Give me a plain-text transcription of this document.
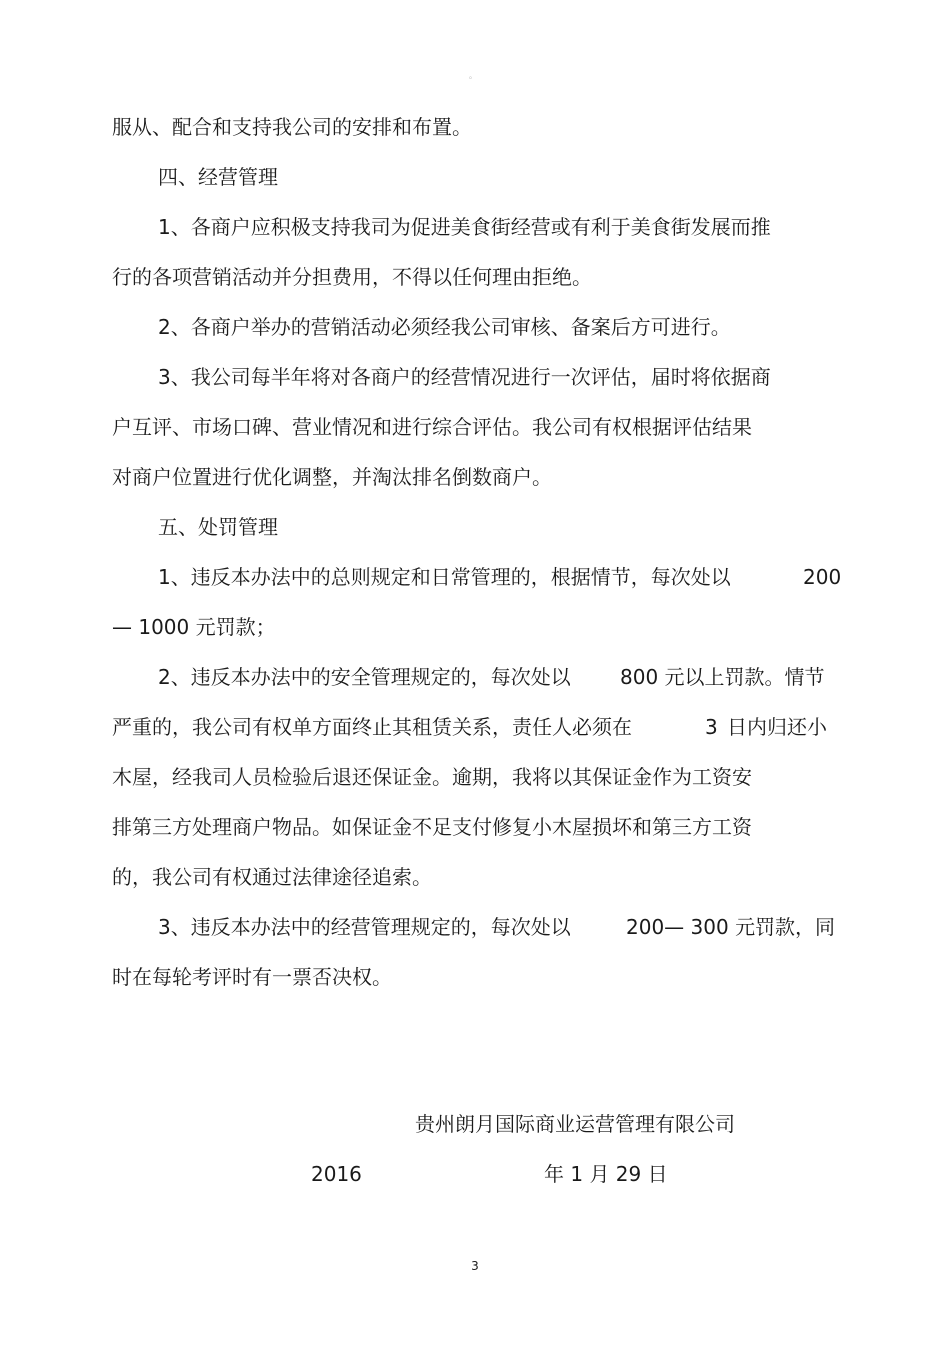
。
服从、配合和支持我公司的安排和布置。
四、经营管理
1、各商户应积极支持我司为促进美食街经营或有利于美食街发展而推
行的各项营销活动并分担费用，不得以任何理由拒绝。
2、各商户举办的营销活动必须经我公司审核、备案后方可进行。
3、我公司每半年将对各商户的经营情况进行一次评估，届时将依据商
户互评、市场口碑、营业情况和进行综合评估。我公司有权根据评估结果
对商户位置进行优化调整，并淘汰排名倒数商户。
五、处罚管理
1、违反本办法中的总则规定和日常管理的，根据情节，每次处以	200
— 1000 元罚款；
2、违反本办法中的安全管理规定的，每次处以 800 元以上罚款。情节
严重的，我公司有权单方面终止其租赁关系，责任人必须在	3 日内归还小
木屋，经我司人员检验后退还保证金。逾期，我将以其保证金作为工资安
排第三方处理商户物品。如保证金不足支付修复小木屋损坏和第三方工资
的，我公司有权通过法律途径追索。
3、违反本办法中的经营管理规定的，每次处以	200— 300 元罚款，同
时在每轮考评时有一票否决权。
贵州朗月国际商业运营管理有限公司
2016	年 1 月 29 日
3
